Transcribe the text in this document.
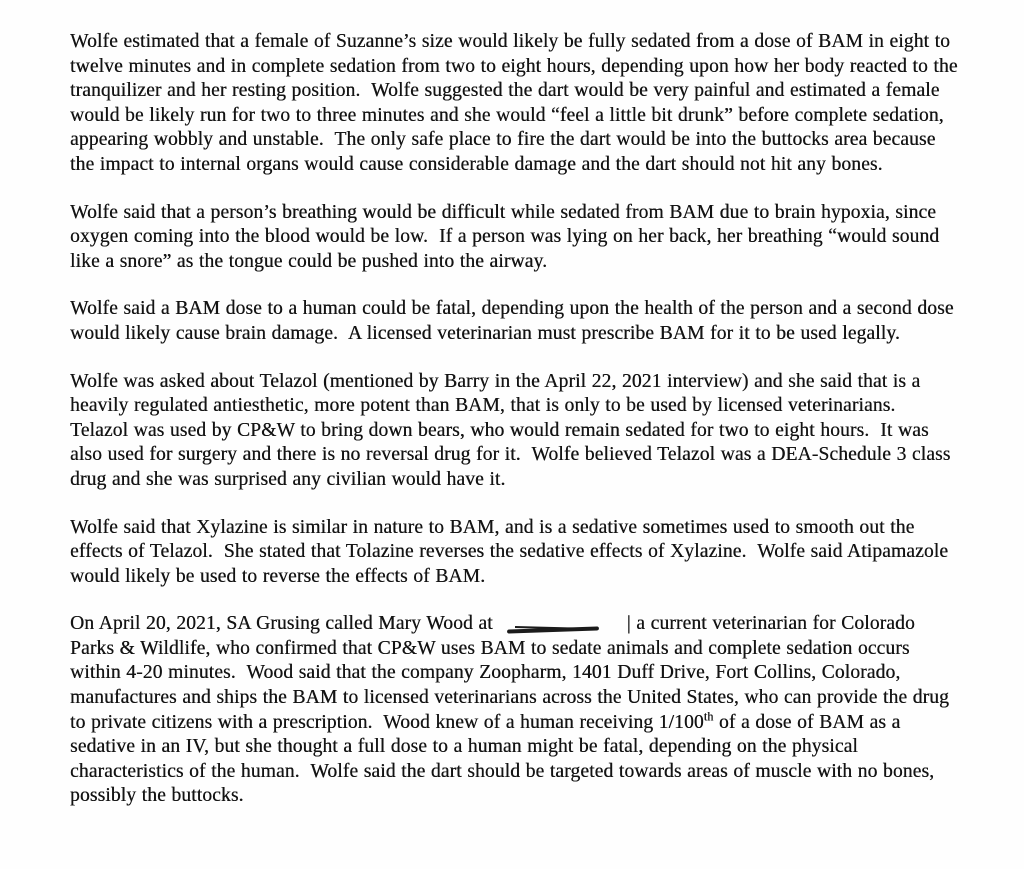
Wolfe estimated that a female of Suzanne’s size would likely be fully sedated from a dose of BAM in eight to twelve minutes and in complete sedation from two to eight hours, depending upon how her body reacted to the tranquilizer and her resting position.  Wolfe suggested the dart would be very painful and estimated a female would be likely run for two to three minutes and she would “feel a little bit drunk” before complete sedation, appearing wobbly and unstable.  The only safe place to fire the dart would be into the buttocks area because the impact to internal organs would cause considerable damage and the dart should not hit any bones.

Wolfe said that a person’s breathing would be difficult while sedated from BAM due to brain hypoxia, since oxygen coming into the blood would be low.  If a person was lying on her back, her breathing “would sound like a snore” as the tongue could be pushed into the airway.

Wolfe said a BAM dose to a human could be fatal, depending upon the health of the person and a second dose would likely cause brain damage.  A licensed veterinarian must prescribe BAM for it to be used legally.

Wolfe was asked about Telazol (mentioned by Barry in the April 22, 2021 interview) and she said that is a heavily regulated antiesthetic, more potent than BAM, that is only to be used by licensed veterinarians.  Telazol was used by CP&W to bring down bears, who would remain sedated for two to eight hours.  It was also used for surgery and there is no reversal drug for it.  Wolfe believed Telazol was a DEA-Schedule 3 class drug and she was surprised any civilian would have it.

Wolfe said that Xylazine is similar in nature to BAM, and is a sedative sometimes used to smooth out the effects of Telazol.  She stated that Tolazine reverses the sedative effects of Xylazine.  Wolfe said Atipamazole would likely be used to reverse the effects of BAM.

On April 20, 2021, SA Grusing called Mary Wood at	| a current veterinarian for Colorado Parks & Wildlife, who confirmed that CP&W uses BAM to sedate animals and complete sedation occurs within 4-20 minutes.  Wood said that the company Zoopharm, 1401 Duff Drive, Fort Collins, Colorado, manufactures and ships the BAM to licensed veterinarians across the United States, who can provide the drug to private citizens with a prescription.  Wood knew of a human receiving 1/100th of a dose of BAM as a sedative in an IV, but she thought a full dose to a human might be fatal, depending on the physical characteristics of the human.  Wolfe said the dart should be targeted towards areas of muscle with no bones, possibly the buttocks.
